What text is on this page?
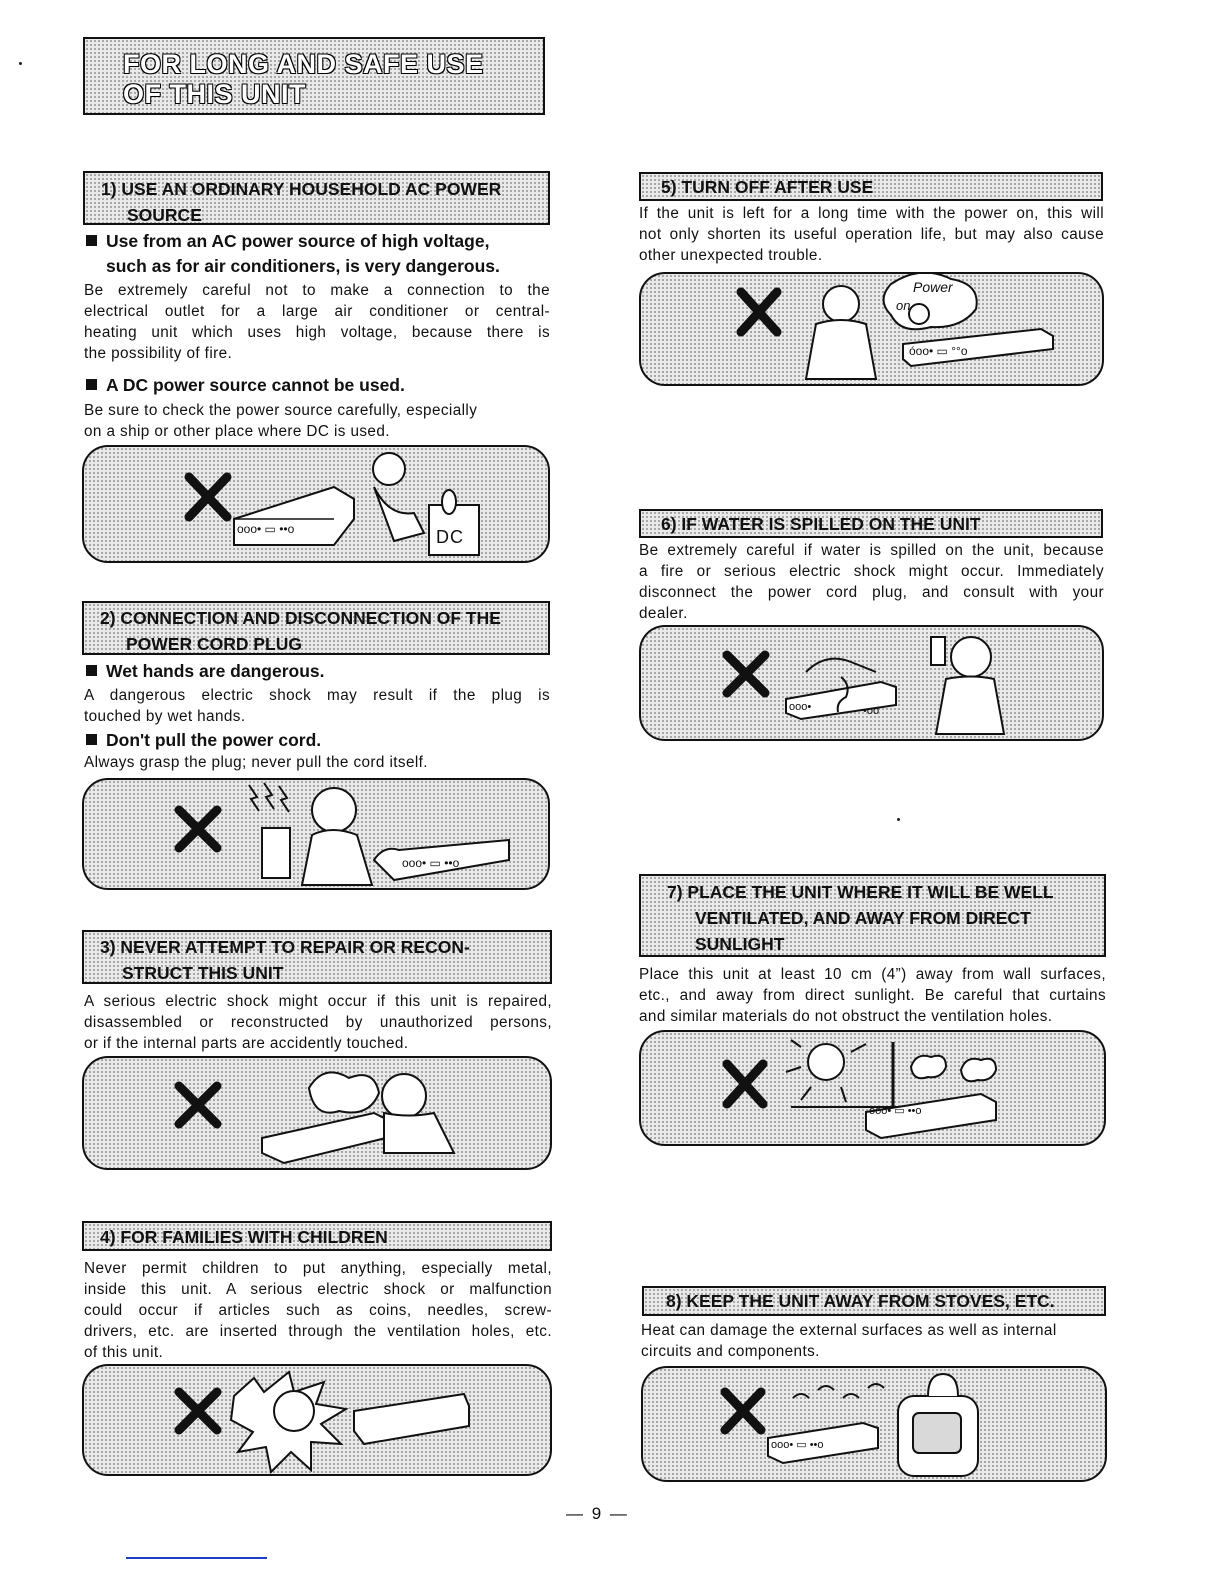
FOR LONG AND SAFE USE
OF THIS UNIT
1) USE AN ORDINARY HOUSEHOLD AC POWER
SOURCE
Use from an AC power source of high voltage,
such as for air conditioners, is very dangerous.
Be extremely careful not to make a connection to the
electrical outlet for a large air conditioner or central-
heating unit which uses high voltage, because there is
the possibility of fire.
A DC power source cannot be used.
Be sure to check the power source carefully, especially
on a ship or other place where DC is used.
DC
ooo• ▭ ••o
2) CONNECTION AND DISCONNECTION OF THE
POWER CORD PLUG
Wet hands are dangerous.
A dangerous electric shock may result if the plug is
touched by wet hands.
Don't pull the power cord.
Always grasp the plug; never pull the cord itself.
ooo• ▭ ••o
3) NEVER ATTEMPT TO REPAIR OR RECON-
STRUCT THIS UNIT
A serious electric shock might occur if this unit is repaired,
disassembled or reconstructed by unauthorized persons,
or if the internal parts are accidently touched.
4) FOR FAMILIES WITH CHILDREN
Never permit children to put anything, especially metal,
inside this unit. A serious electric shock or malfunction
could occur if articles such as coins, needles, screw-
drivers, etc. are inserted through the ventilation holes, etc.
of this unit.
5) TURN OFF AFTER USE
If the unit is left for a long time with the power on, this will
not only shorten its useful operation life, but may also cause
other unexpected trouble.
Power
on
óoo• ▭ °°o
6) IF WATER IS SPILLED ON THE UNIT
Be extremely careful if water is spilled on the unit, because
a fire or serious electric shock might occur. Immediately
disconnect the power cord plug, and consult with your
dealer.
ooo•	•oo
7) PLACE THE UNIT WHERE IT WILL BE WELL
VENTILATED, AND AWAY FROM DIRECT
SUNLIGHT
Place this unit at least 10 cm (4”) away from wall surfaces,
etc., and away from direct sunlight. Be careful that curtains
and similar materials do not obstruct the ventilation holes.
ooo• ▭ ••o
8) KEEP THE UNIT AWAY FROM STOVES, ETC.
Heat can damage the external surfaces as well as internal
circuits and components.
ooo• ▭ ••o
— 9 —
